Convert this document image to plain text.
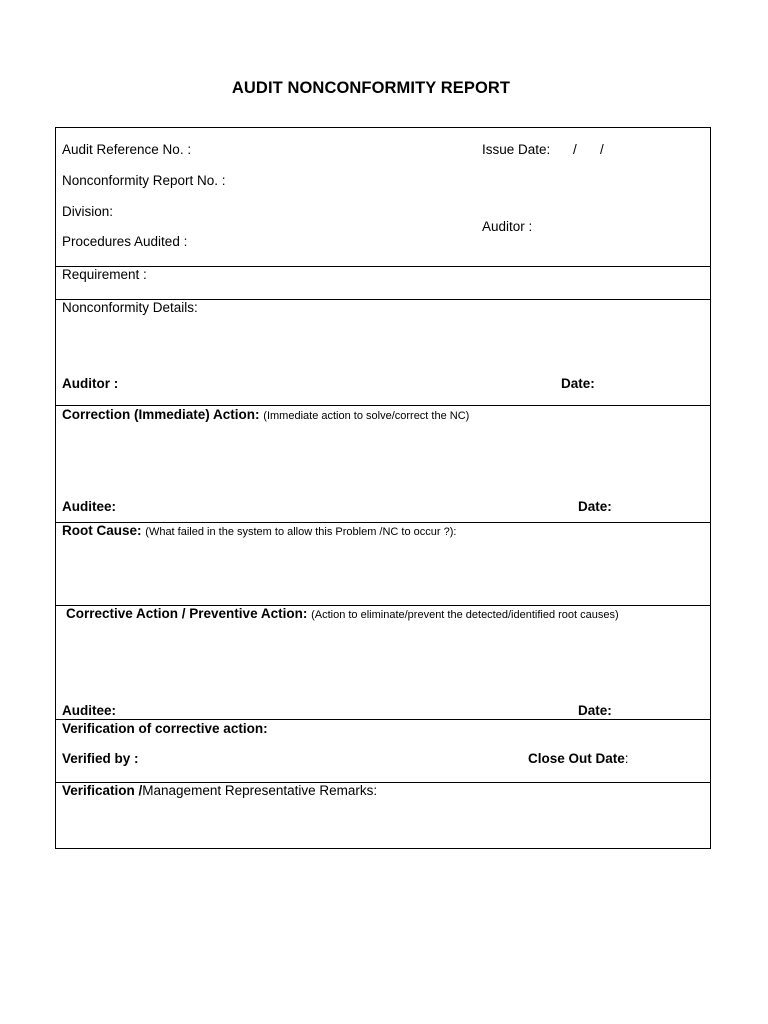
AUDIT NONCONFORMITY REPORT
Audit Reference No. :	Issue Date: / /
Nonconformity Report No. :
Division:
Auditor :
Procedures Audited :
Requirement :
Nonconformity Details:
Auditor :	Date:
Correction (Immediate) Action: (Immediate action to solve/correct the NC)
Auditee:	Date:
Root Cause: (What failed in the system to allow this Problem /NC to occur ?):
Corrective Action / Preventive Action: (Action to eliminate/prevent the detected/identified root causes)
Auditee:	Date:
Verification of corrective action:
Verified by :	Close Out Date:
Verification /Management Representative Remarks:
